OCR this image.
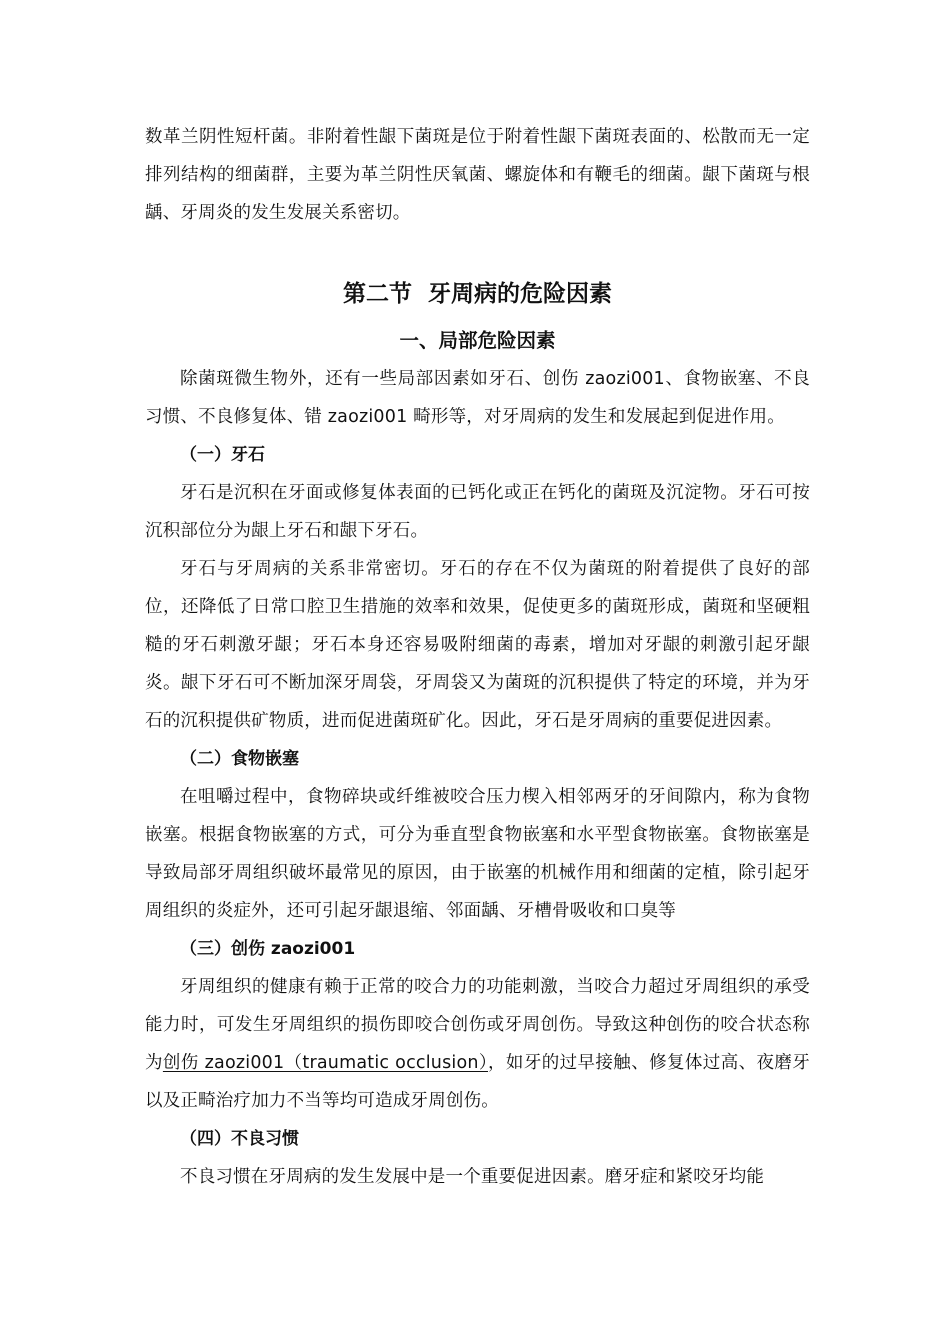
数革兰阴性短杆菌。非附着性龈下菌斑是位于附着性龈下菌斑表面的、松散而无一定排列结构的细菌群，主要为革兰阴性厌氧菌、螺旋体和有鞭毛的细菌。龈下菌斑与根龋、牙周炎的发生发展关系密切。

第二节  牙周病的危险因素
一、局部危险因素

除菌斑微生物外，还有一些局部因素如牙石、创伤 zaozi001、食物嵌塞、不良习惯、不良修复体、错 zaozi001 畸形等，对牙周病的发生和发展起到促进作用。

（一）牙石

牙石是沉积在牙面或修复体表面的已钙化或正在钙化的菌斑及沉淀物。牙石可按沉积部位分为龈上牙石和龈下牙石。

牙石与牙周病的关系非常密切。牙石的存在不仅为菌斑的附着提供了良好的部位，还降低了日常口腔卫生措施的效率和效果，促使更多的菌斑形成，菌斑和坚硬粗糙的牙石刺激牙龈；牙石本身还容易吸附细菌的毒素，增加对牙龈的刺激引起牙龈炎。龈下牙石可不断加深牙周袋，牙周袋又为菌斑的沉积提供了特定的环境，并为牙石的沉积提供矿物质，进而促进菌斑矿化。因此，牙石是牙周病的重要促进因素。

（二）食物嵌塞

在咀嚼过程中，食物碎块或纤维被咬合压力楔入相邻两牙的牙间隙内，称为食物嵌塞。根据食物嵌塞的方式，可分为垂直型食物嵌塞和水平型食物嵌塞。食物嵌塞是导致局部牙周组织破坏最常见的原因，由于嵌塞的机械作用和细菌的定植，除引起牙周组织的炎症外，还可引起牙龈退缩、邻面龋、牙槽骨吸收和口臭等

（三）创伤 zaozi001

牙周组织的健康有赖于正常的咬合力的功能刺激，当咬合力超过牙周组织的承受能力时，可发生牙周组织的损伤即咬合创伤或牙周创伤。导致这种创伤的咬合状态称为创伤 zaozi001（traumatic occlusion），如牙的过早接触、修复体过高、夜磨牙以及正畸治疗加力不当等均可造成牙周创伤。

（四）不良习惯

不良习惯在牙周病的发生发展中是一个重要促进因素。磨牙症和紧咬牙均能
